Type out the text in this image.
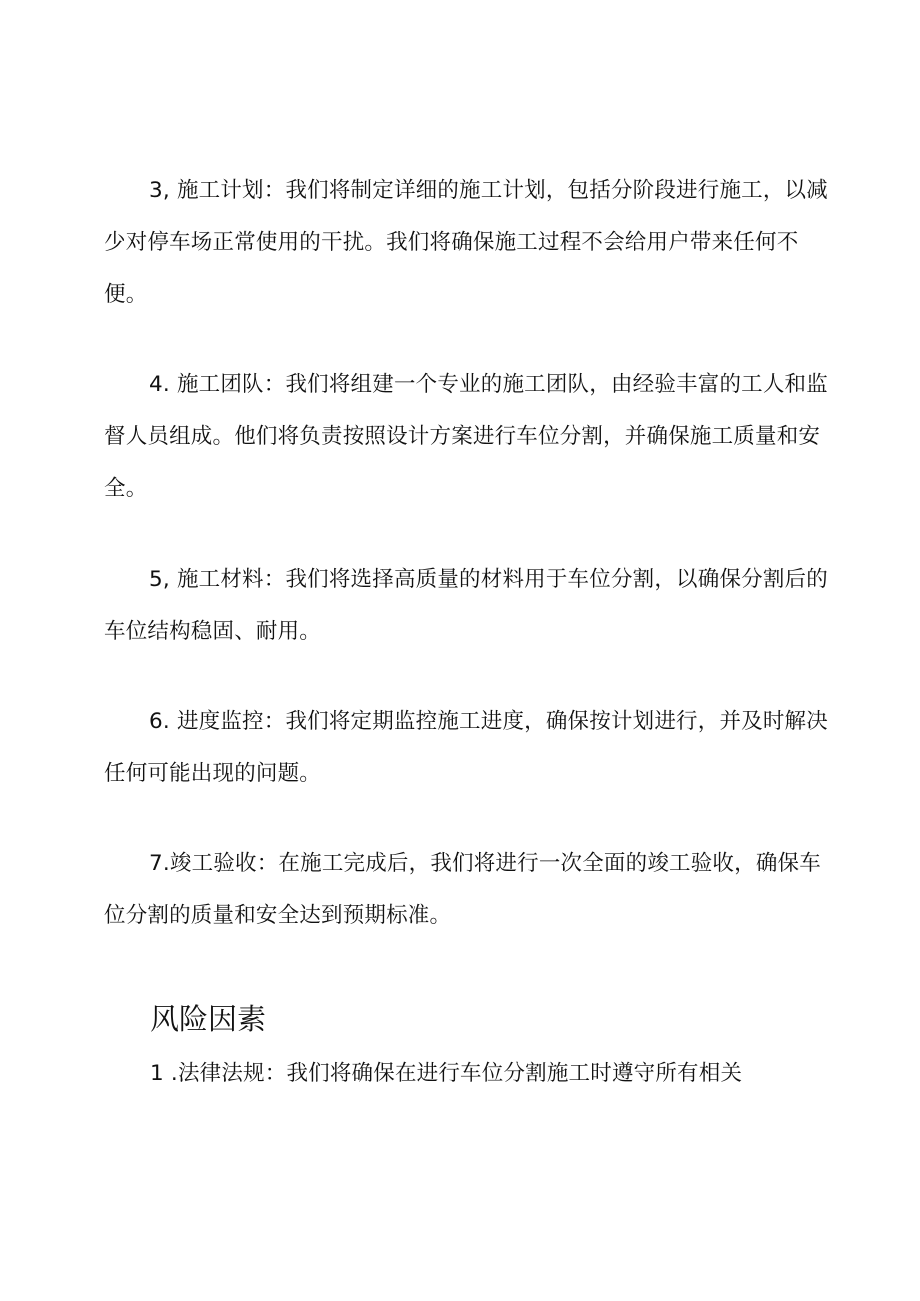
3, 施工计划：我们将制定详细的施工计划，包括分阶段进行施工，以减少对停车场正常使用的干扰。我们将确保施工过程不会给用户带来任何不便。

4. 施工团队：我们将组建一个专业的施工团队，由经验丰富的工人和监督人员组成。他们将负责按照设计方案进行车位分割，并确保施工质量和安全。

5, 施工材料：我们将选择高质量的材料用于车位分割，以确保分割后的车位结构稳固、耐用。

6. 进度监控：我们将定期监控施工进度，确保按计划进行，并及时解决任何可能出现的问题。

7.竣工验收：在施工完成后，我们将进行一次全面的竣工验收，确保车位分割的质量和安全达到预期标准。

风险因素

1 .法律法规：我们将确保在进行车位分割施工时遵守所有相关
